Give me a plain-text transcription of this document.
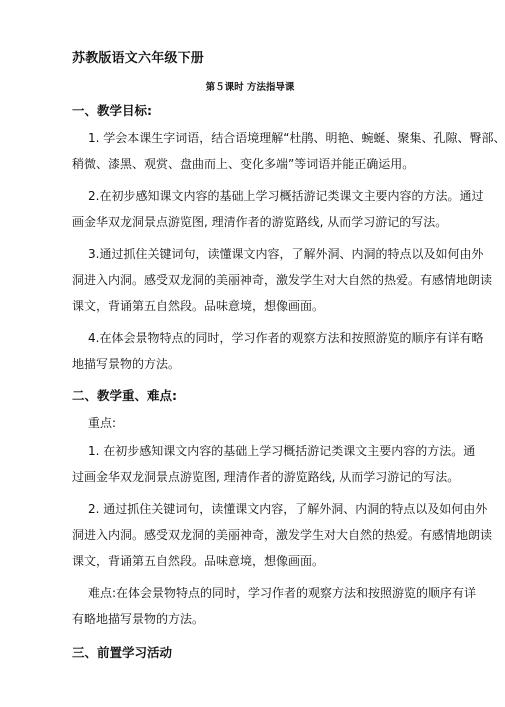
苏教版语文六年级下册
第５课时 方法指导课
一、教学目标:
1. 学会本课生字词语，结合语境理解“杜鹃、明艳、蜿蜒、聚集、孔隙、臀部、
稍微、漆黑、观赏、盘曲而上、变化多端”等词语并能正确运用。
2.在初步感知课文内容的基础上学习概括游记类课文主要内容的方法。通过
画金华双龙洞景点游览图, 理清作者的游览路线, 从而学习游记的写法。
3.通过抓住关键词句，读懂课文内容，了解外洞、内洞的特点以及如何由外
洞进入内洞。感受双龙洞的美丽神奇，激发学生对大自然的热爱。有感情地朗读
课文，背诵第五自然段。品味意境，想像画面。
4.在体会景物特点的同时，学习作者的观察方法和按照游览的顺序有详有略
地描写景物的方法。
二、教学重、难点:
重点:
1. 在初步感知课文内容的基础上学习概括游记类课文主要内容的方法。通
过画金华双龙洞景点游览图, 理清作者的游览路线, 从而学习游记的写法。
2. 通过抓住关键词句，读懂课文内容，了解外洞、内洞的特点以及如何由外
洞进入内洞。感受双龙洞的美丽神奇，激发学生对大自然的热爱。有感情地朗读
课文，背诵第五自然段。品味意境，想像画面。
难点:在体会景物特点的同时，学习作者的观察方法和按照游览的顺序有详
有略地描写景物的方法。
三、前置学习活动
